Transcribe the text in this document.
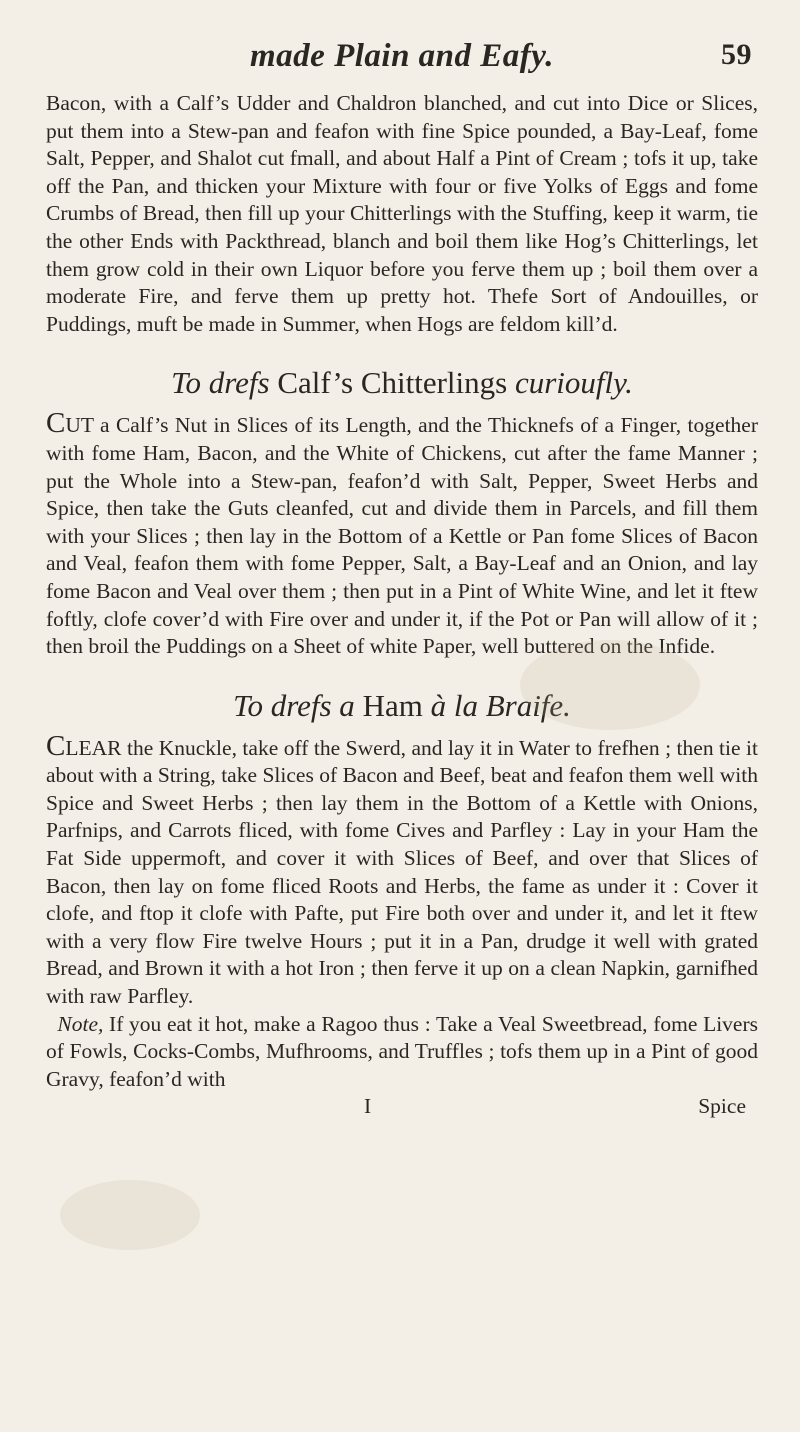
made Plain and Eafy.	59

Bacon, with a Calf’s Udder and Chaldron blanched, and cut into Dice or Slices, put them into a Stew-pan and feafon with fine Spice pounded, a Bay-Leaf, fome Salt, Pepper, and Shalot cut fmall, and about Half a Pint of Cream ; tofs it up, take off the Pan, and thicken your Mixture with four or five Yolks of Eggs and fome Crumbs of Bread, then fill up your Chitterlings with the Stuffing, keep it warm, tie the other Ends with Packthread, blanch and boil them like Hog’s Chitterlings, let them grow cold in their own Liquor before you ferve them up ; boil them over a moderate Fire, and ferve them up pretty hot. Thefe Sort of Andouilles, or Puddings, muft be made in Summer, when Hogs are feldom kill’d.

To drefs Calf’s Chitterlings curioufly.

CUT a Calf’s Nut in Slices of its Length, and the Thicknefs of a Finger, together with fome Ham, Bacon, and the White of Chickens, cut after the fame Manner ; put the Whole into a Stew-pan, feafon’d with Salt, Pepper, Sweet Herbs and Spice, then take the Guts cleanfed, cut and divide them in Parcels, and fill them with your Slices ; then lay in the Bottom of a Kettle or Pan fome Slices of Bacon and Veal, feafon them with fome Pepper, Salt, a Bay-Leaf and an Onion, and lay fome Bacon and Veal over them ; then put in a Pint of White Wine, and let it ftew foftly, clofe cover’d with Fire over and under it, if the Pot or Pan will allow of it ; then broil the Puddings on a Sheet of white Paper, well buttered on the Infide.

To drefs a Ham à la Braife.

CLEAR the Knuckle, take off the Swerd, and lay it in Water to frefhen ; then tie it about with a String, take Slices of Bacon and Beef, beat and feafon them well with Spice and Sweet Herbs ; then lay them in the Bottom of a Kettle with Onions, Parfnips, and Carrots fliced, with fome Cives and Parfley : Lay in your Ham the Fat Side uppermoft, and cover it with Slices of Beef, and over that Slices of Bacon, then lay on fome fliced Roots and Herbs, the fame as under it : Cover it clofe, and ftop it clofe with Pafte, put Fire both over and under it, and let it ftew with a very flow Fire twelve Hours ; put it in a Pan, drudge it well with grated Bread, and Brown it with a hot Iron ; then ferve it up on a clean Napkin, garnifhed with raw Parfley.

Note, If you eat it hot, make a Ragoo thus : Take a Veal Sweetbread, fome Livers of Fowls, Cocks-Combs, Mufhrooms, and Truffles ; tofs them up in a Pint of good Gravy, feafon’d with

I	Spice
